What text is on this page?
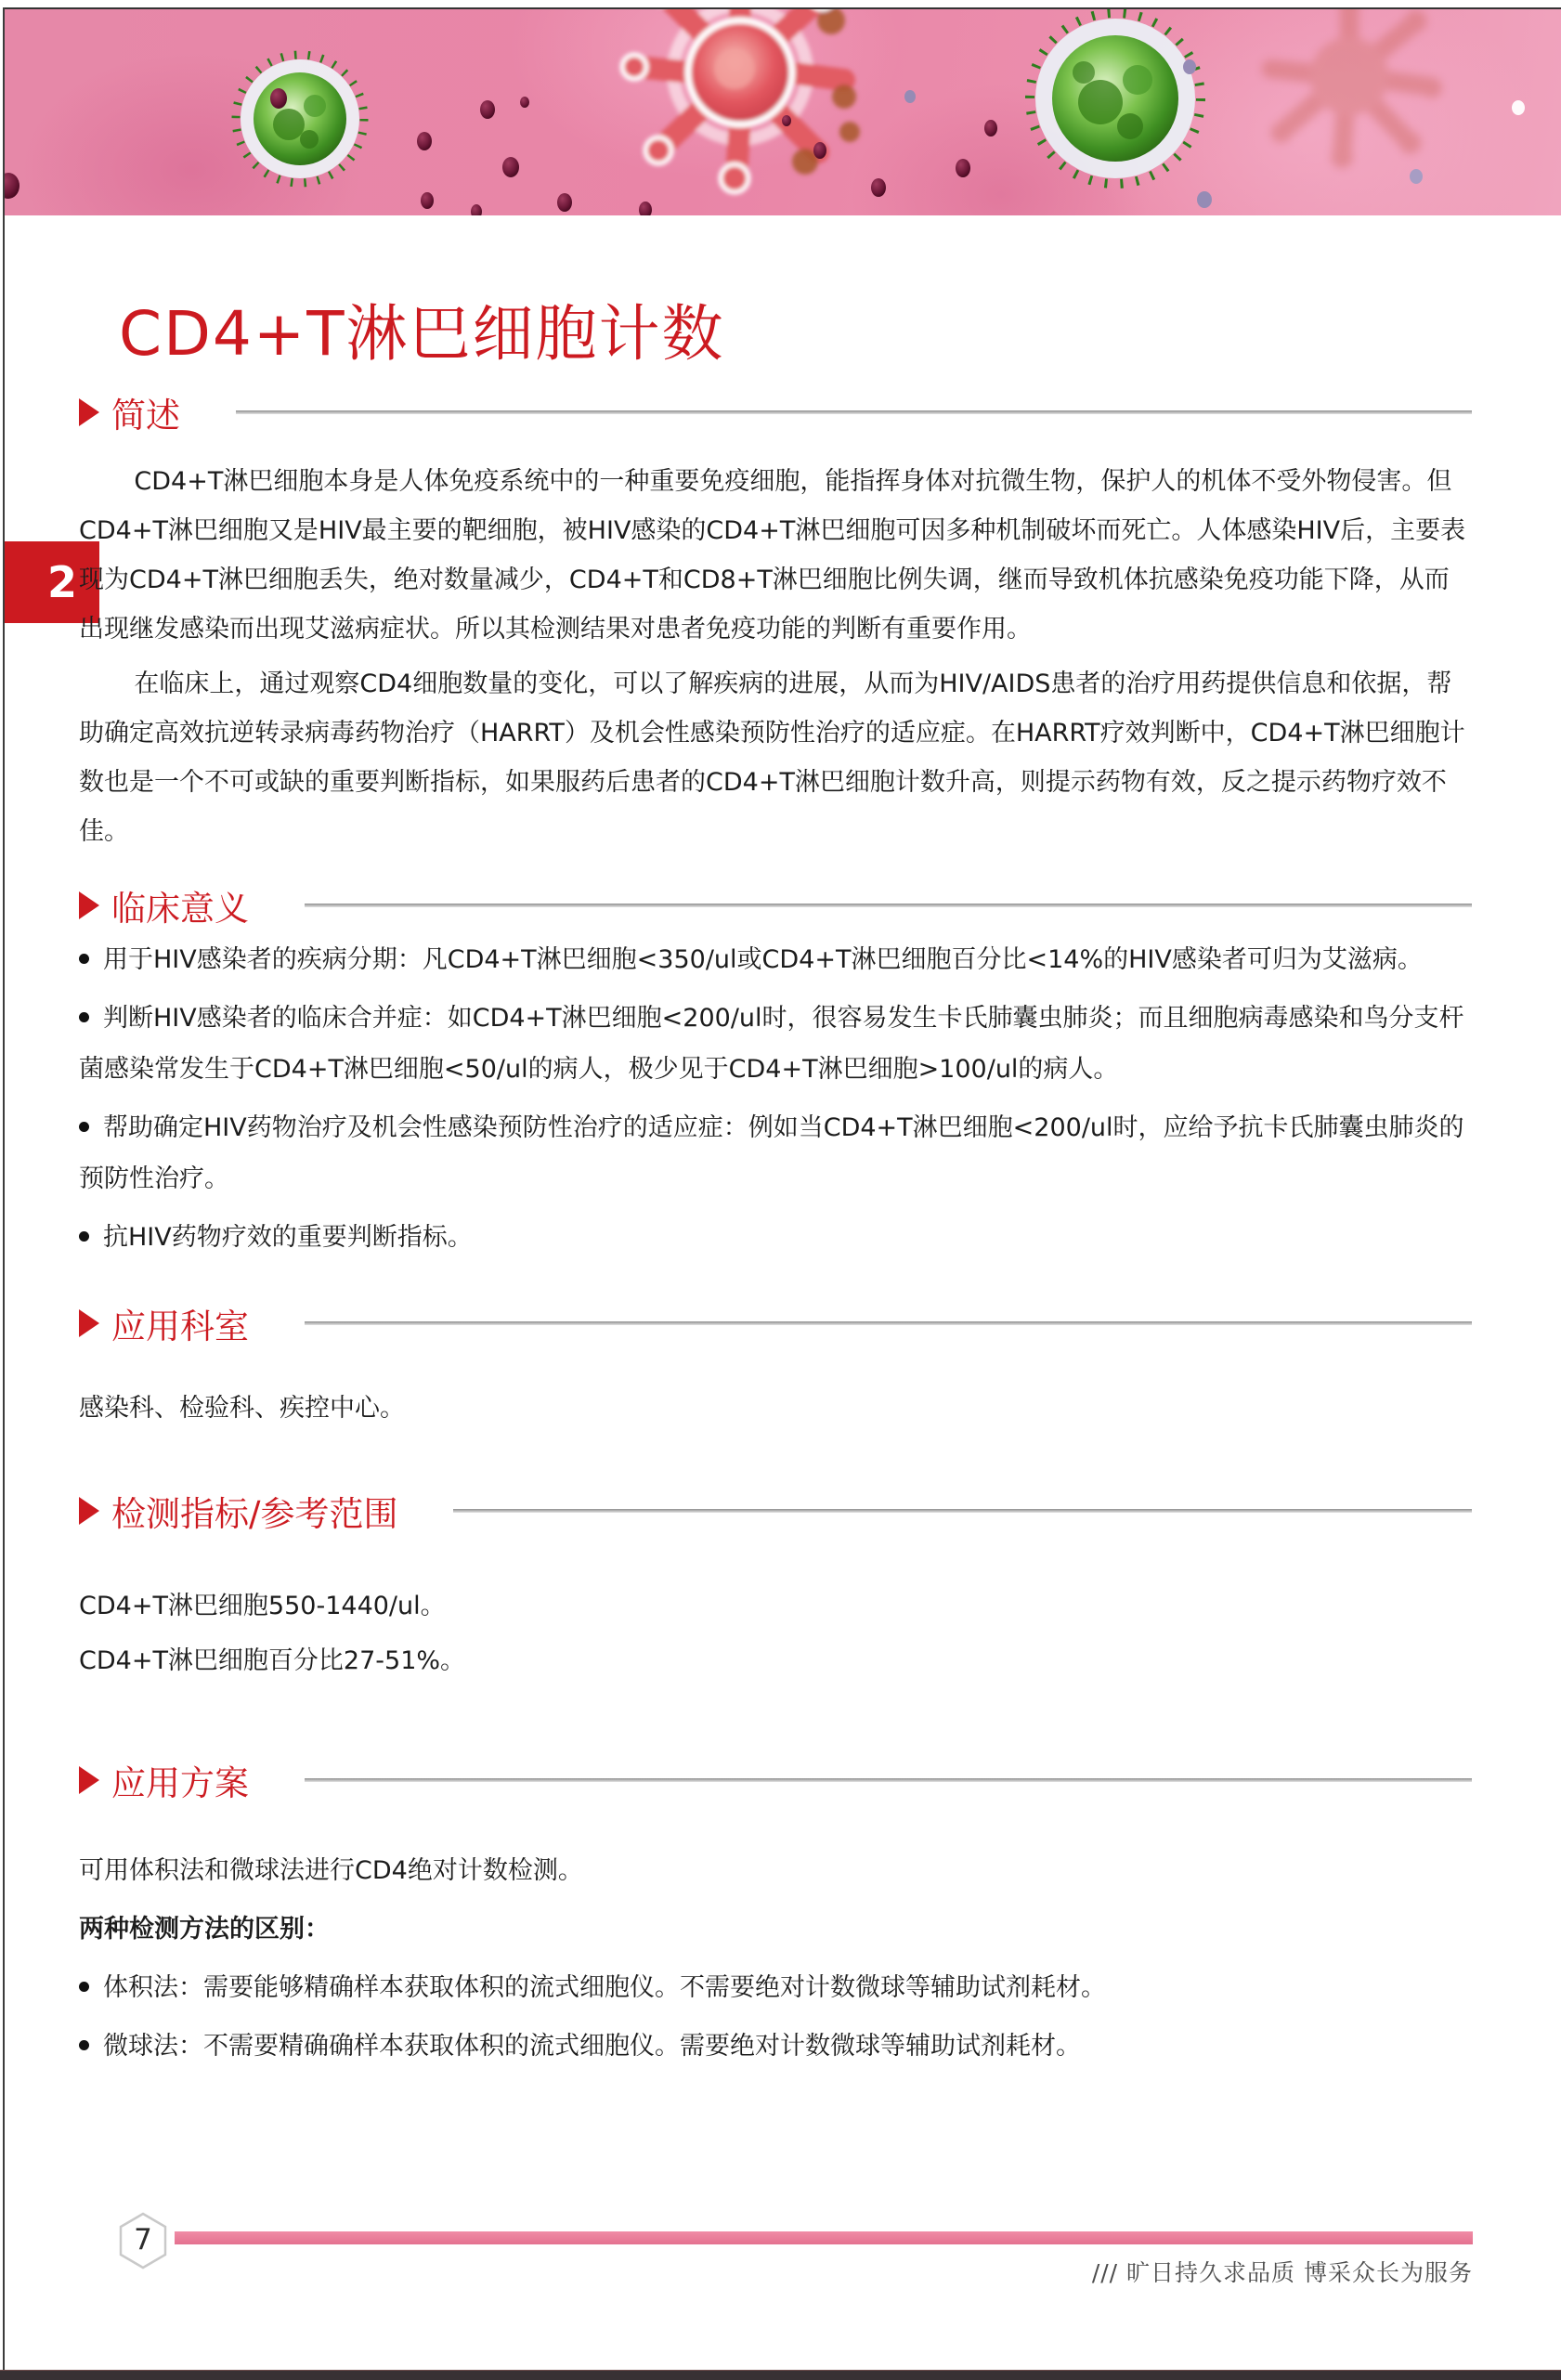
2
CD4+T淋巴细胞计数
简述

CD4+T淋巴细胞本身是人体免疫系统中的一种重要免疫细胞，能指挥身体对抗微生物，保护人的机体不受外物侵害。但CD4+T淋巴细胞又是HIV最主要的靶细胞，被HIV感染的CD4+T淋巴细胞可因多种机制破坏而死亡。人体感染HIV后，主要表现为CD4+T淋巴细胞丢失，绝对数量减少，CD4+T和CD8+T淋巴细胞比例失调，继而导致机体抗感染免疫功能下降，从而出现继发感染而出现艾滋病症状。所以其检测结果对患者免疫功能的判断有重要作用。

在临床上，通过观察CD4细胞数量的变化，可以了解疾病的进展，从而为HIV/AIDS患者的治疗用药提供信息和依据，帮助确定高效抗逆转录病毒药物治疗（HARRT）及机会性感染预防性治疗的适应症。在HARRT疗效判断中，CD4+T淋巴细胞计数也是一个不可或缺的重要判断指标，如果服药后患者的CD4+T淋巴细胞计数升高，则提示药物有效，反之提示药物疗效不佳。

临床意义

用于HIV感染者的疾病分期：凡CD4+T淋巴细胞<350/ul或CD4+T淋巴细胞百分比<14%的HIV感染者可归为艾滋病。

判断HIV感染者的临床合并症：如CD4+T淋巴细胞<200/ul时，很容易发生卡氏肺囊虫肺炎；而且细胞病毒感染和鸟分支杆菌感染常发生于CD4+T淋巴细胞<50/ul的病人，极少见于CD4+T淋巴细胞>100/ul的病人。

帮助确定HIV药物治疗及机会性感染预防性治疗的适应症：例如当CD4+T淋巴细胞<200/ul时，应给予抗卡氏肺囊虫肺炎的预防性治疗。

抗HIV药物疗效的重要判断指标。

应用科室

感染科、检验科、疾控中心。

检测指标/参考范围

CD4+T淋巴细胞550-1440/ul。

CD4+T淋巴细胞百分比27-51%。

应用方案

可用体积法和微球法进行CD4绝对计数检测。

两种检测方法的区别：

体积法：需要能够精确样本获取体积的流式细胞仪。不需要绝对计数微球等辅助试剂耗材。

微球法：不需要精确确样本获取体积的流式细胞仪。需要绝对计数微球等辅助试剂耗材。

7
/// 旷日持久求品质 博采众长为服务
